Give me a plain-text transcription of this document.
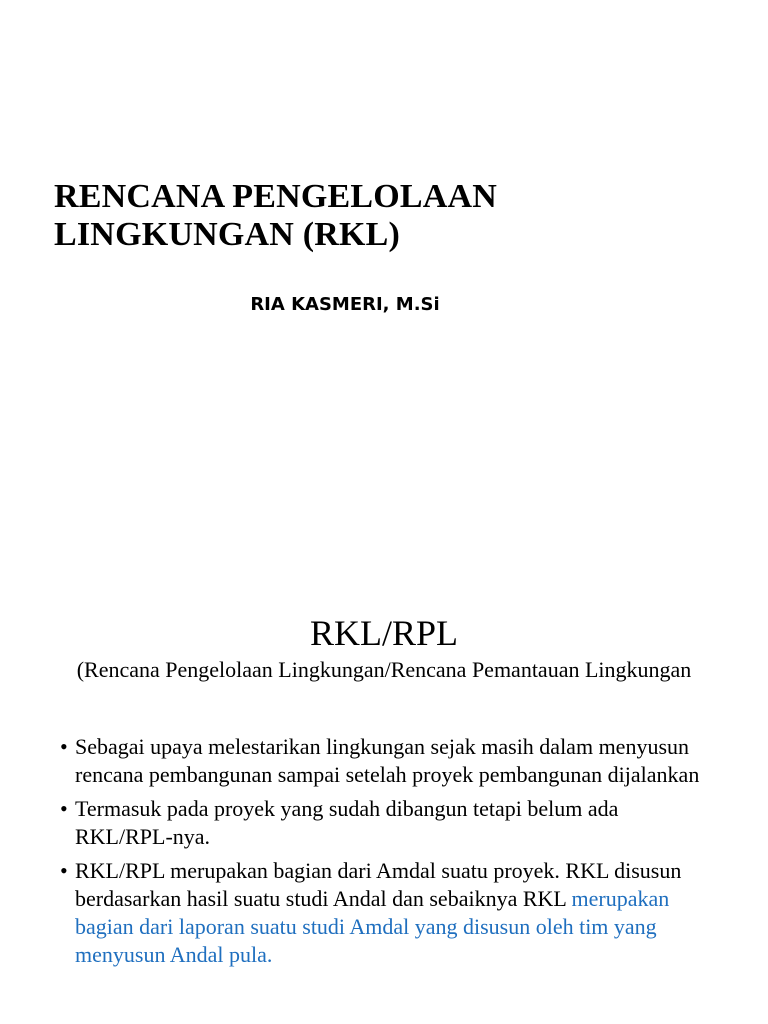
RENCANA PENGELOLAAN
LINGKUNGAN (RKL)

RIA KASMERI, M.Si

RKL/RPL

(Rencana Pengelolaan Lingkungan/Rencana Pemantauan Lingkungan

• Sebagai upaya melestarikan lingkungan sejak masih dalam menyusun rencana pembangunan sampai setelah proyek pembangunan dijalankan
• Termasuk pada proyek yang sudah dibangun tetapi belum ada RKL/RPL-nya.
• RKL/RPL merupakan bagian dari Amdal suatu proyek. RKL disusun berdasarkan hasil suatu studi Andal dan sebaiknya RKL merupakan bagian dari laporan suatu studi Amdal yang disusun oleh tim yang menyusun Andal pula.
